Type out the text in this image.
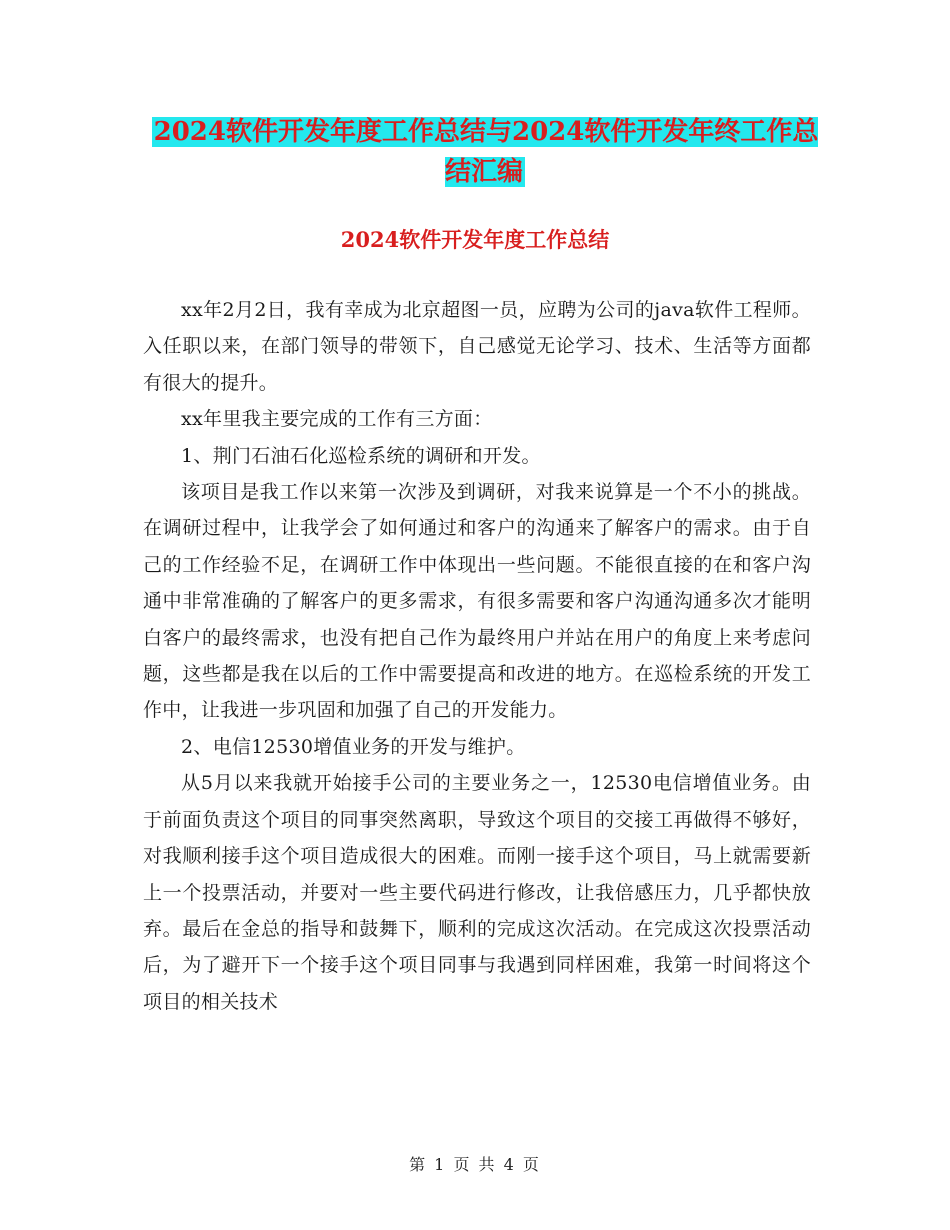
2024软件开发年度工作总结与2024软件开发年终工作总结汇编
2024软件开发年度工作总结

xx年2月2日，我有幸成为北京超图一员，应聘为公司的java软件工程师。入任职以来，在部门领导的带领下，自己感觉无论学习、技术、生活等方面都有很大的提升。

xx年里我主要完成的工作有三方面：

1、荆门石油石化巡检系统的调研和开发。

该项目是我工作以来第一次涉及到调研，对我来说算是一个不小的挑战。在调研过程中，让我学会了如何通过和客户的沟通来了解客户的需求。由于自己的工作经验不足，在调研工作中体现出一些问题。不能很直接的在和客户沟通中非常准确的了解客户的更多需求，有很多需要和客户沟通沟通多次才能明白客户的最终需求，也没有把自己作为最终用户并站在用户的角度上来考虑问题，这些都是我在以后的工作中需要提高和改进的地方。在巡检系统的开发工作中，让我进一步巩固和加强了自己的开发能力。

2、电信12530增值业务的开发与维护。

从5月以来我就开始接手公司的主要业务之一，12530电信增值业务。由于前面负责这个项目的同事突然离职，导致这个项目的交接工再做得不够好，对我顺利接手这个项目造成很大的困难。而刚一接手这个项目，马上就需要新上一个投票活动，并要对一些主要代码进行修改，让我倍感压力，几乎都快放弃。最后在金总的指导和鼓舞下，顺利的完成这次活动。在完成这次投票活动后，为了避开下一个接手这个项目同事与我遇到同样困难，我第一时间将这个项目的相关技术

第 1 页 共 4 页
